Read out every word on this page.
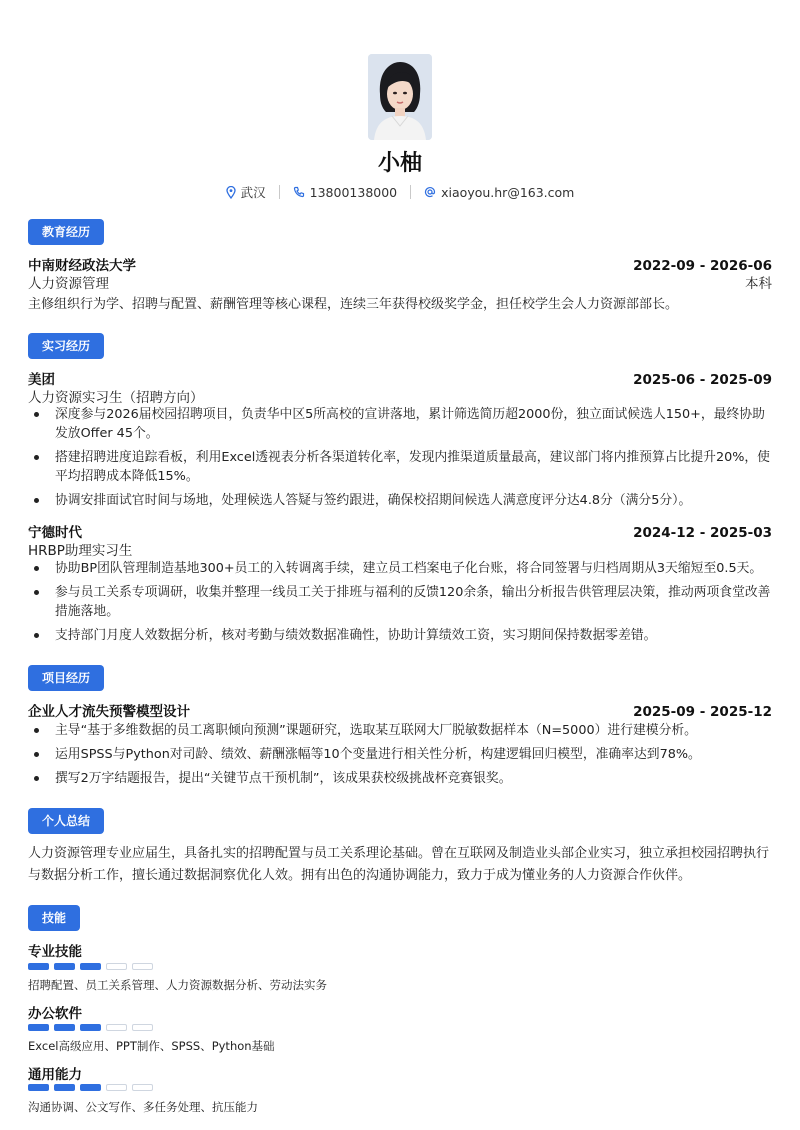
小柚
武汉	13800138000	xiaoyou.hr@163.com
教育经历
中南财经政法大学	2022-09 - 2026-06
人力资源管理	本科
主修组织行为学、招聘与配置、薪酬管理等核心课程，连续三年获得校级奖学金，担任校学生会人力资源部部长。
实习经历
美团	2025-06 - 2025-09
人力资源实习生（招聘方向）
深度参与2026届校园招聘项目，负责华中区5所高校的宣讲落地，累计筛选简历超2000份，独立面试候选人150+，最终协助发放Offer 45个。
搭建招聘进度追踪看板，利用Excel透视表分析各渠道转化率，发现内推渠道质量最高，建议部门将内推预算占比提升20%，使平均招聘成本降低15%。
协调安排面试官时间与场地，处理候选人答疑与签约跟进，确保校招期间候选人满意度评分达4.8分（满分5分）。
宁德时代	2024-12 - 2025-03
HRBP助理实习生
协助BP团队管理制造基地300+员工的入转调离手续，建立员工档案电子化台账，将合同签署与归档周期从3天缩短至0.5天。
参与员工关系专项调研，收集并整理一线员工关于排班与福利的反馈120余条，输出分析报告供管理层决策，推动两项食堂改善措施落地。
支持部门月度人效数据分析，核对考勤与绩效数据准确性，协助计算绩效工资，实习期间保持数据零差错。
项目经历
企业人才流失预警模型设计	2025-09 - 2025-12
主导“基于多维数据的员工离职倾向预测”课题研究，选取某互联网大厂脱敏数据样本（N=5000）进行建模分析。
运用SPSS与Python对司龄、绩效、薪酬涨幅等10个变量进行相关性分析，构建逻辑回归模型，准确率达到78%。
撰写2万字结题报告，提出“关键节点干预机制”，该成果获校级挑战杯竞赛银奖。
个人总结
人力资源管理专业应届生，具备扎实的招聘配置与员工关系理论基础。曾在互联网及制造业头部企业实习，独立承担校园招聘执行与数据分析工作，擅长通过数据洞察优化人效。拥有出色的沟通协调能力，致力于成为懂业务的人力资源合作伙伴。
技能
专业技能
招聘配置、员工关系管理、人力资源数据分析、劳动法实务
办公软件
Excel高级应用、PPT制作、SPSS、Python基础
通用能力
沟通协调、公文写作、多任务处理、抗压能力
